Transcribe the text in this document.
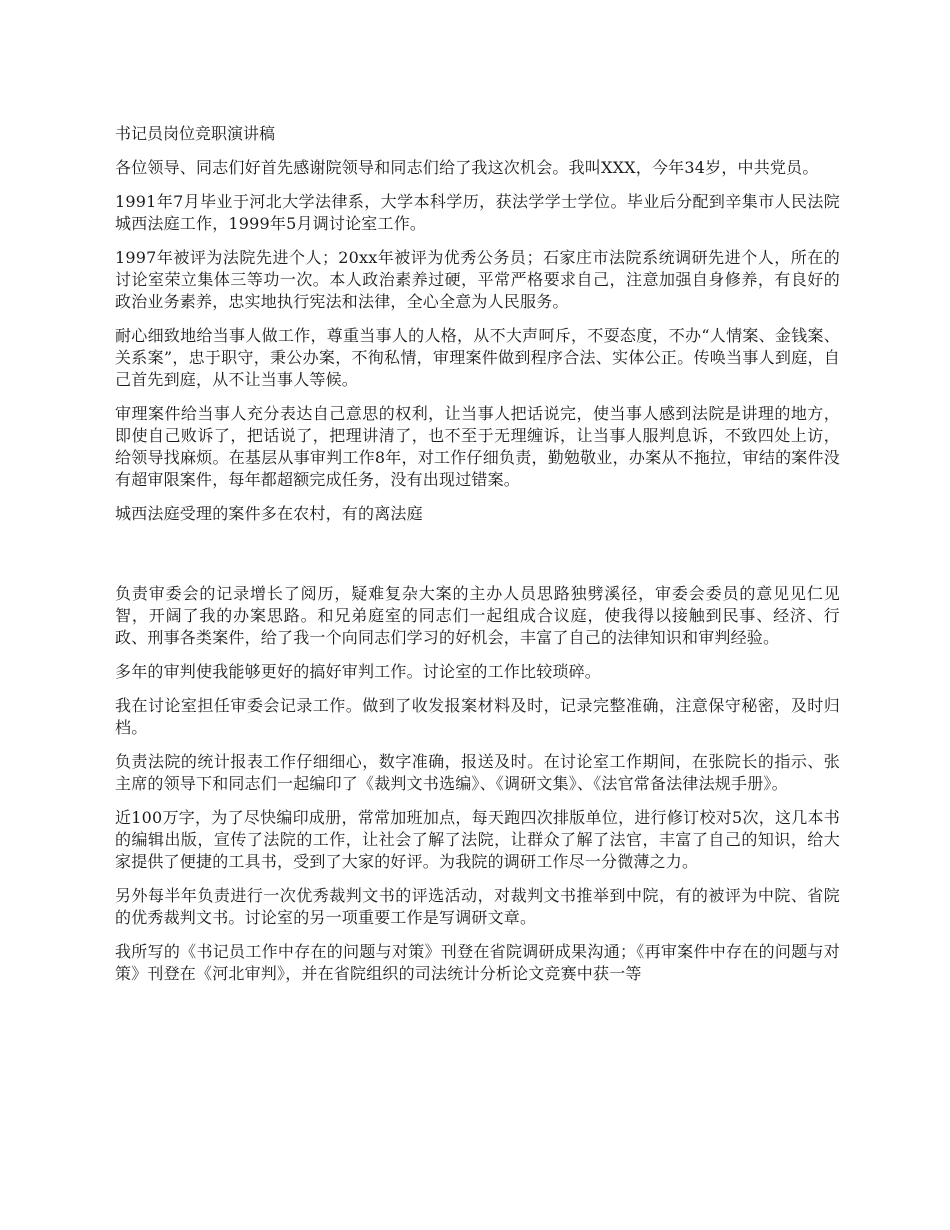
书记员岗位竞职演讲稿

各位领导、同志们好首先感谢院领导和同志们给了我这次机会。我叫XXX，今年34岁，中共党员。

1991年7月毕业于河北大学法律系，大学本科学历，获法学学士学位。毕业后分配到辛集市人民法院城西法庭工作，1999年5月调讨论室工作。

1997年被评为法院先进个人；20xx年被评为优秀公务员；石家庄市法院系统调研先进个人，所在的讨论室荣立集体三等功一次。本人政治素养过硬，平常严格要求自己，注意加强自身修养，有良好的政治业务素养，忠实地执行宪法和法律，全心全意为人民服务。

耐心细致地给当事人做工作，尊重当事人的人格，从不大声呵斥，不耍态度，不办“人情案、金钱案、关系案”，忠于职守，秉公办案，不徇私情，审理案件做到程序合法、实体公正。传唤当事人到庭，自己首先到庭，从不让当事人等候。

审理案件给当事人充分表达自己意思的权利，让当事人把话说完，使当事人感到法院是讲理的地方，即使自己败诉了，把话说了，把理讲清了，也不至于无理缠诉，让当事人服判息诉，不致四处上访，给领导找麻烦。在基层从事审判工作8年，对工作仔细负责，勤勉敬业，办案从不拖拉，审结的案件没有超审限案件，每年都超额完成任务，没有出现过错案。

城西法庭受理的案件多在农村，有的离法庭

负责审委会的记录增长了阅历，疑难复杂大案的主办人员思路独劈溪径，审委会委员的意见见仁见智，开阔了我的办案思路。和兄弟庭室的同志们一起组成合议庭，使我得以接触到民事、经济、行政、刑事各类案件，给了我一个向同志们学习的好机会，丰富了自己的法律知识和审判经验。

多年的审判使我能够更好的搞好审判工作。讨论室的工作比较琐碎。

我在讨论室担任审委会记录工作。做到了收发报案材料及时，记录完整准确，注意保守秘密，及时归档。

负责法院的统计报表工作仔细细心，数字准确，报送及时。在讨论室工作期间，在张院长的指示、张主席的领导下和同志们一起编印了《裁判文书选编》、《调研文集》、《法官常备法律法规手册》。

近100万字，为了尽快编印成册，常常加班加点，每天跑四次排版单位，进行修订校对5次，这几本书的编辑出版，宣传了法院的工作，让社会了解了法院，让群众了解了法官，丰富了自己的知识，给大家提供了便捷的工具书，受到了大家的好评。为我院的调研工作尽一分微薄之力。

另外每半年负责进行一次优秀裁判文书的评选活动，对裁判文书推举到中院，有的被评为中院、省院的优秀裁判文书。讨论室的另一项重要工作是写调研文章。

我所写的《书记员工作中存在的问题与对策》刊登在省院调研成果沟通；《再审案件中存在的问题与对策》刊登在《河北审判》，并在省院组织的司法统计分析论文竞赛中获一等
